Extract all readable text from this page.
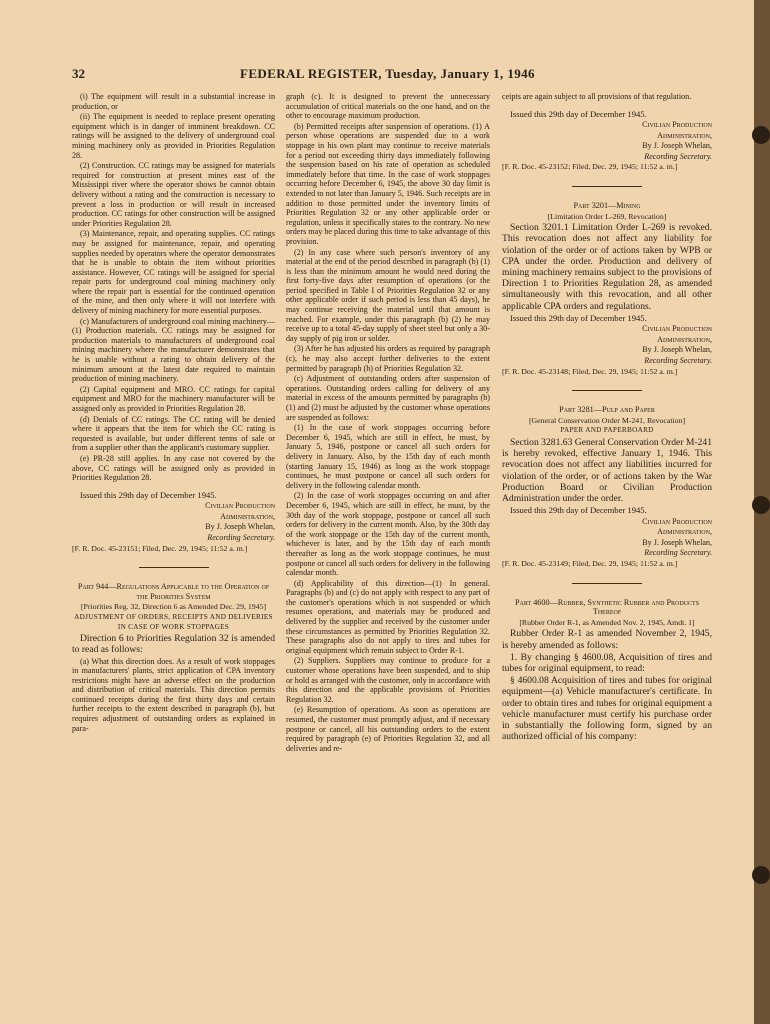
32	FEDERAL REGISTER, Tuesday, January 1, 1946

(i) The equipment will result in a substantial increase in production, or

(ii) The equipment is needed to replace present operating equipment which is in danger of imminent breakdown. CC ratings will be assigned to the delivery of underground coal mining machinery only as provided in Priorities Regulation 28.

(2) Construction. CC ratings may be assigned for materials required for construction at present mines east of the Mississippi river where the operator shows he cannot obtain delivery without a rating and the construction is necessary to prevent a loss in production or will result in increased production. CC ratings for other construction will be assigned under Priorities Regulation 28.

(3) Maintenance, repair, and operating supplies. CC ratings may be assigned for maintenance, repair, and operating supplies needed by operators where the operator demonstrates that he is unable to obtain the item without priorities assistance. However, CC ratings will be assigned for special repair parts for underground coal mining machinery only where the repair part is essential for the continued operation of the mine, and then only where it will not interfere with delivery of mining machinery for more essential purposes.

(c) Manufacturers of underground coal mining machinery—(1) Production materials. CC ratings may be assigned for production materials to manufacturers of underground coal mining machinery where the manufacturer demonstrates that he is unable without a rating to obtain delivery of the minimum amount at the latest date required to maintain production of mining machinery.

(2) Capital equipment and MRO. CC ratings for capital equipment and MRO for the machinery manufacturer will be assigned only as provided in Priorities Regulation 28.

(d) Denials of CC ratings. The CC rating will be denied where it appears that the item for which the CC rating is requested is available, but under different terms of sale or from a supplier other than the applicant's customary supplier.

(e) PR-28 still applies. In any case not covered by the above, CC ratings will be assigned only as provided in Priorities Regulation 28.

Issued this 29th day of December 1945.

Civilian Production

Administration,

By J. Joseph Whelan,

Recording Secretary.

[F. R. Doc. 45-23151; Filed, Dec. 29, 1945; 11:52 a. m.]

Part 944—Regulations Applicable to the Operation of the Priorities System

[Priorities Reg. 32, Direction 6 as Amended Dec. 29, 1945]

ADJUSTMENT OF ORDERS, RECEIPTS AND DELIVERIES IN CASE OF WORK STOPPAGES

Direction 6 to Priorities Regulation 32 is amended to read as follows:

(a) What this direction does. As a result of work stoppages in manufacturers' plants, strict application of CPA inventory restrictions might have an adverse effect on the production and distribution of critical materials. This direction permits continued receipts during the first thirty days and certain further receipts to the extent described in paragraph (b), but requires adjustment of outstanding orders as explained in para-

graph (c). It is designed to prevent the unnecessary accumulation of critical materials on the one hand, and on the other to encourage maximum production.

(b) Permitted receipts after suspension of operations. (1) A person whose operations are suspended due to a work stoppage in his own plant may continue to receive materials for a period not exceeding thirty days immediately following the suspension based on his rate of operation as scheduled immediately before that time. In the case of work stoppages occurring before December 6, 1945, the above 30 day limit is extended to not later than January 5, 1946. Such receipts are in addition to those permitted under the inventory limits of Priorities Regulation 32 or any other applicable order or regulation, unless it specifically states to the contrary. No new orders may be placed during this time to take advantage of this provision.

(2) In any case where such person's inventory of any material at the end of the period described in paragraph (b) (1) is less than the minimum amount he would need during the first forty-five days after resumption of operations (or the period specified in Table I of Priorities Regulation 32 or any other applicable order if such period is less than 45 days), he may continue receiving the material until that amount is reached. For example, under this paragraph (b) (2) he may receive up to a total 45-day supply of sheet steel but only a 30-day supply of pig iron or solder.

(3) After he has adjusted his orders as required by paragraph (c), he may also accept further deliveries to the extent permitted by paragraph (h) of Priorities Regulation 32.

(c) Adjustment of outstanding orders after suspension of operations. Outstanding orders calling for delivery of any material in excess of the amounts permitted by paragraphs (b) (1) and (2) must be adjusted by the customer whose operations are suspended as follows:

(1) In the case of work stoppages occurring before December 6, 1945, which are still in effect, he must, by January 5, 1946, postpone or cancel all such orders for delivery in January. Also, by the 15th day of each month (starting January 15, 1946) as long as the work stoppage continues, he must postpone or cancel all such orders for delivery in the following calendar month.

(2) In the case of work stoppages occurring on and after December 6, 1945, which are still in effect, he must, by the 30th day of the work stoppage, postpone or cancel all such orders for delivery in the current month. Also, by the 30th day of the work stoppage or the 15th day of the current month, whichever is later, and by the 15th day of each month thereafter as long as the work stoppage continues, he must postpone or cancel all such orders for delivery in the following calendar month.

(d) Applicability of this direction—(1) In general. Paragraphs (b) and (c) do not apply with respect to any part of the customer's operations which is not suspended or which resumes operations, and materials may be produced and delivered by the supplier and received by the customer under these circumstances as permitted by Priorities Regulation 32. These paragraphs also do not apply to tires and tubes for original equipment which remain subject to Order R-1.

(2) Suppliers. Suppliers may continue to produce for a customer whose operations have been suspended, and to ship or hold as arranged with the customer, only in accordance with this direction and the applicable provisions of Priorities Regulation 32.

(e) Resumption of operations. As soon as operations are resumed, the customer must promptly adjust, and if necessary postpone or cancel, all his outstanding orders to the extent required by paragraph (e) of Priorities Regulation 32, and all deliveries and re-

ceipts are again subject to all provisions of that regulation.

Issued this 29th day of December 1945.

Civilian Production

Administration,

By J. Joseph Whelan,

Recording Secretary.

[F. R. Doc. 45-23152; Filed, Dec. 29, 1945; 11:52 a. m.]

Part 3201—Mining

[Limitation Order L-269, Revocation]

Section 3201.1 Limitation Order L-269 is revoked. This revocation does not affect any liability for violation of the order or of actions taken by WPB or CPA under the order. Production and delivery of mining machinery remains subject to the provisions of Direction 1 to Priorities Regulation 28, as amended simultaneously with this revocation, and all other applicable CPA orders and regulations.

Issued this 29th day of December 1945.

Civilian Production

Administration,

By J. Joseph Whelan,

Recording Secretary.

[F. R. Doc. 45-23148; Filed, Dec. 29, 1945; 11:52 a. m.]

Part 3281—Pulp and Paper

[General Conservation Order M-241, Revocation]

PAPER AND PAPERBOARD

Section 3281.63 General Conservation Order M-241 is hereby revoked, effective January 1, 1946. This revocation does not affect any liabilities incurred for violation of the order, or of actions taken by the War Production Board or Civilian Production Administration under the order.

Issued this 29th day of December 1945.

Civilian Production

Administration,

By J. Joseph Whelan,

Recording Secretary.

[F. R. Doc. 45-23149; Filed, Dec. 29, 1945; 11:52 a. m.]

Part 4600—Rubber, Synthetic Rubber and Products Thereof

[Rubber Order R-1, as Amended Nov. 2, 1945, Amdt. 1]

Rubber Order R-1 as amended November 2, 1945, is hereby amended as follows:

1. By changing § 4600.08, Acquisition of tires and tubes for original equipment, to read:

§ 4600.08 Acquisition of tires and tubes for original equipment—(a) Vehicle manufacturer's certificate. In order to obtain tires and tubes for original equipment a vehicle manufacturer must certify his purchase order in substantially the following form, signed by an authorized official of his company:
